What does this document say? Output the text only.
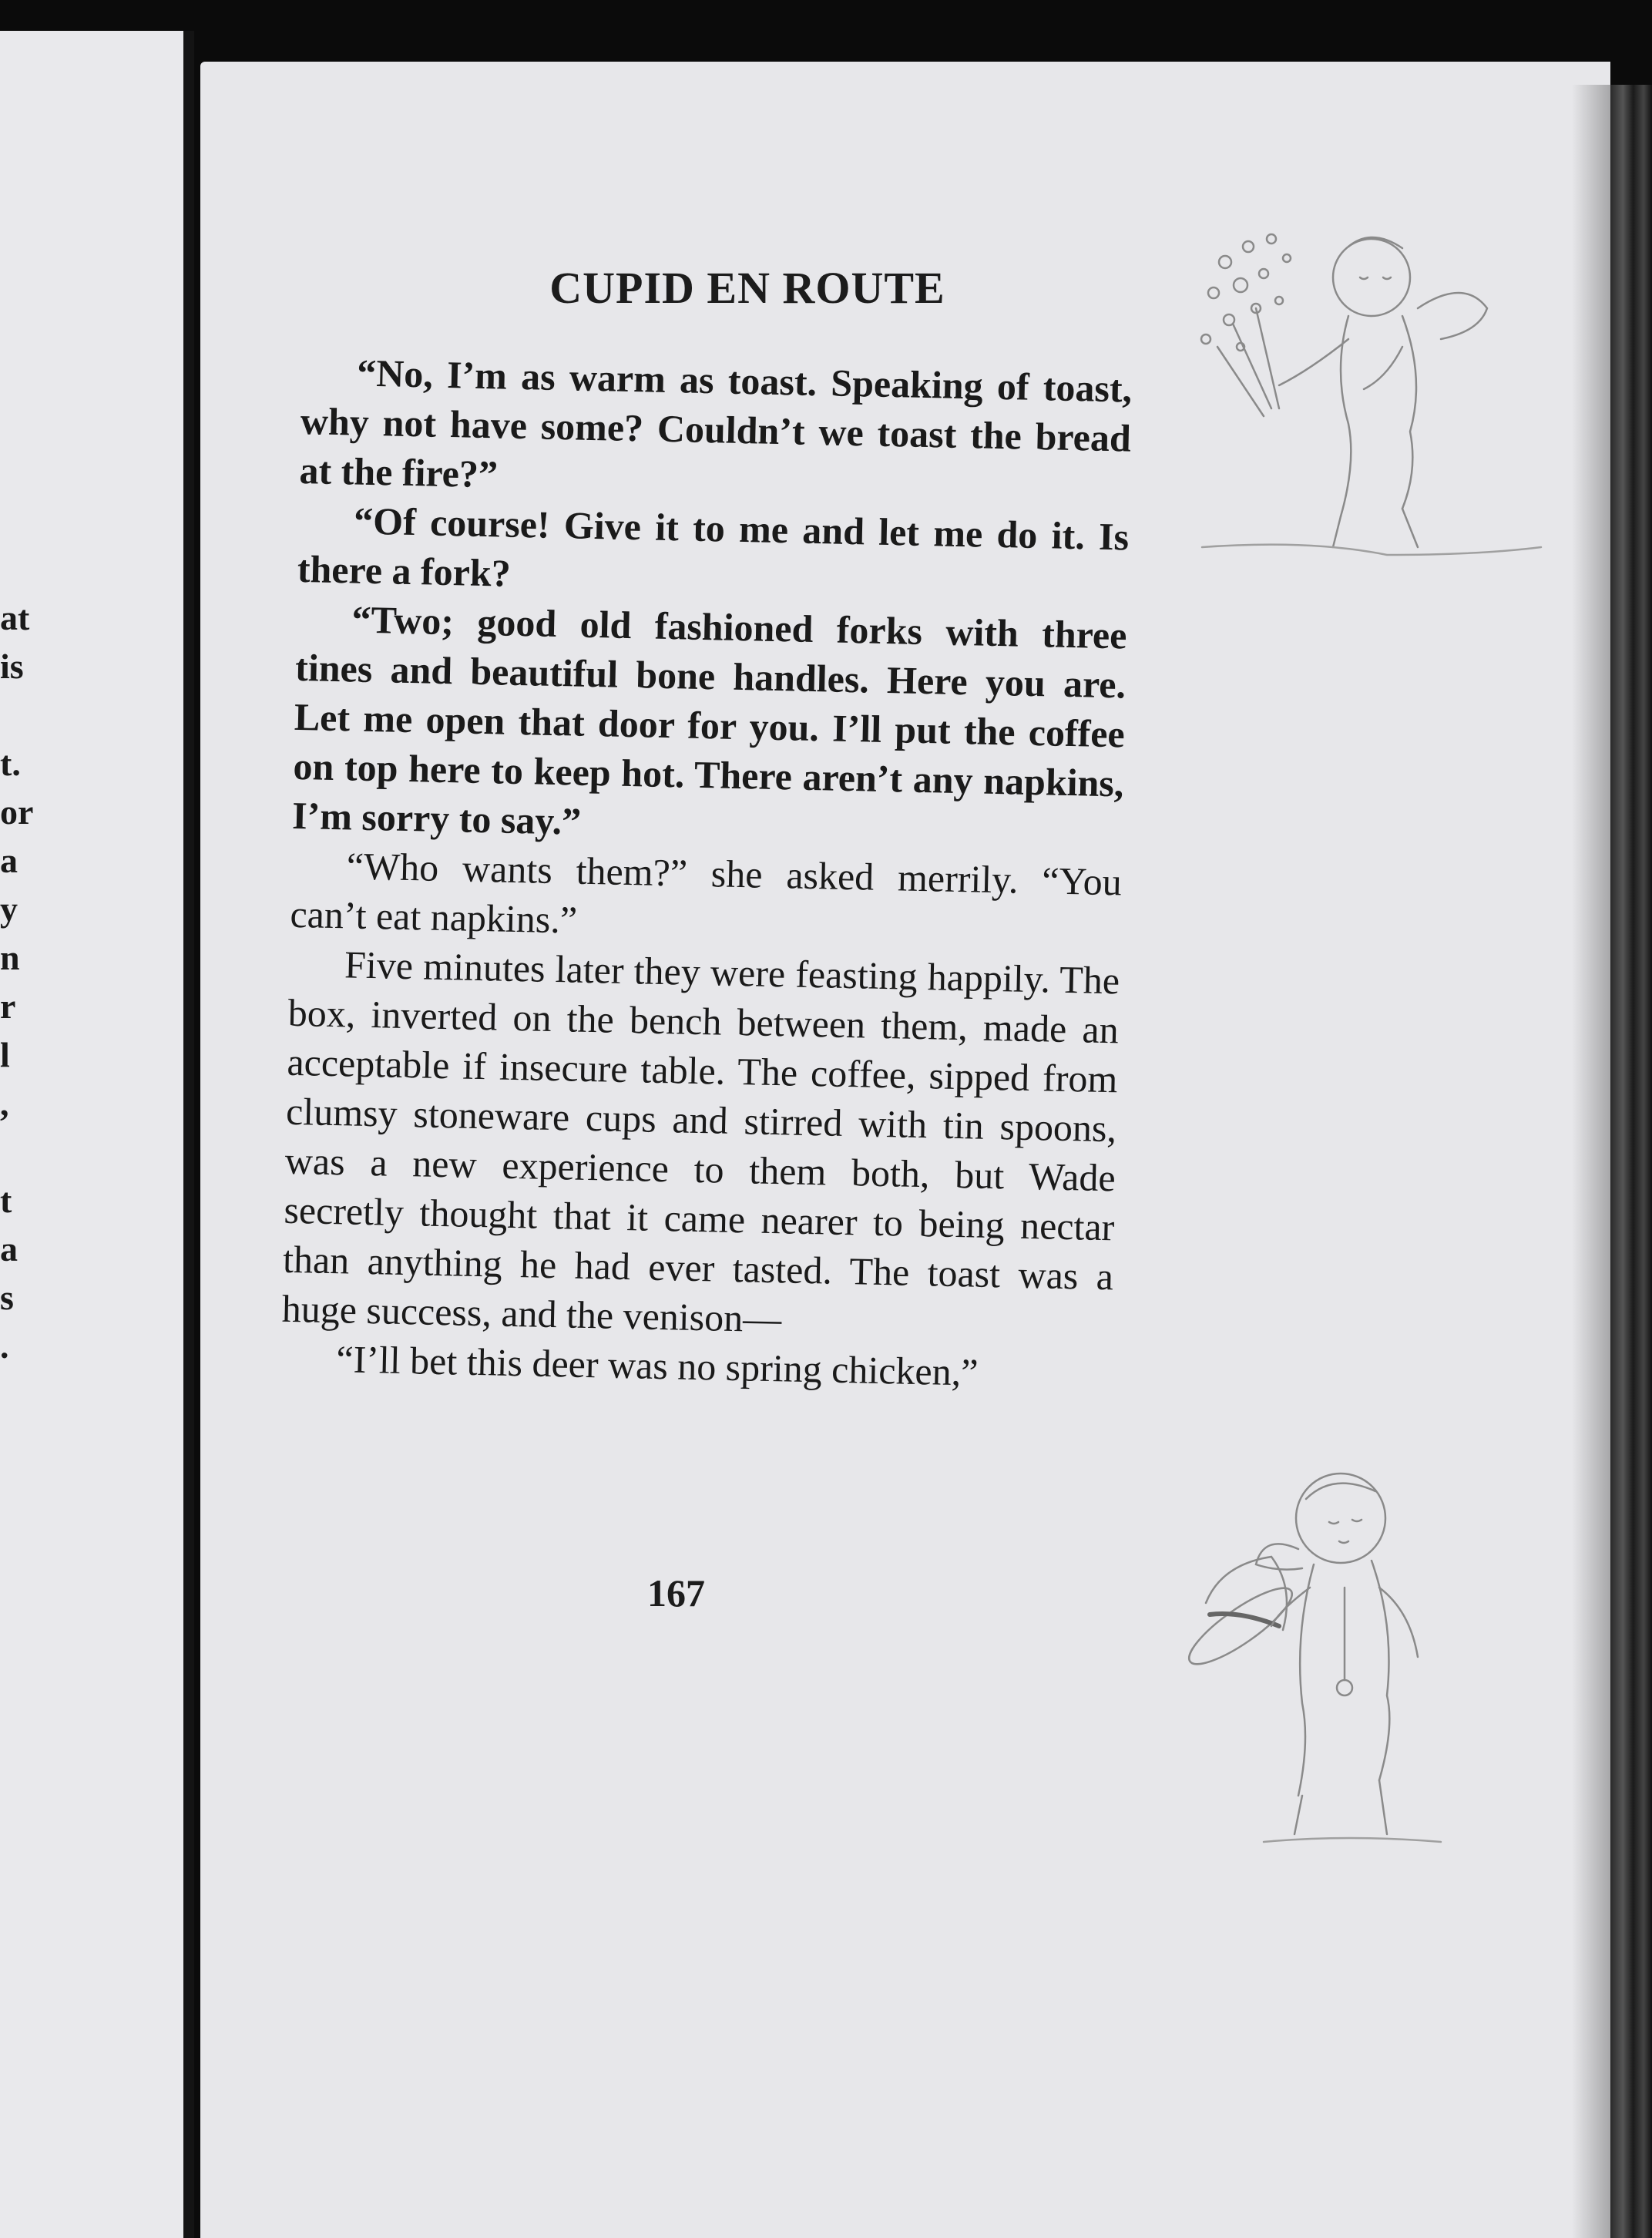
at
is
t.
or
a
y
n
r
l
,
t
a
s
.
CUPID EN ROUTE

“No, I’m as warm as toast. Speaking of toast, why not have some? Couldn’t we toast the bread at the fire?”

“Of course! Give it to me and let me do it. Is there a fork?

“Two; good old fashioned forks with three tines and beautiful bone handles. Here you are. Let me open that door for you. I’ll put the coffee on top here to keep hot. There aren’t any napkins, I’m sorry to say.”

“Who wants them?” she asked merrily. “You can’t eat napkins.”

Five minutes later they were feasting happily. The box, inverted on the bench between them, made an acceptable if insecure table. The coffee, sipped from clumsy stoneware cups and stirred with tin spoons, was a new experience to them both, but Wade secretly thought that it came nearer to being nectar than anything he had ever tasted. The toast was a huge success, and the venison—

“I’ll bet this deer was no spring chicken,”

167
